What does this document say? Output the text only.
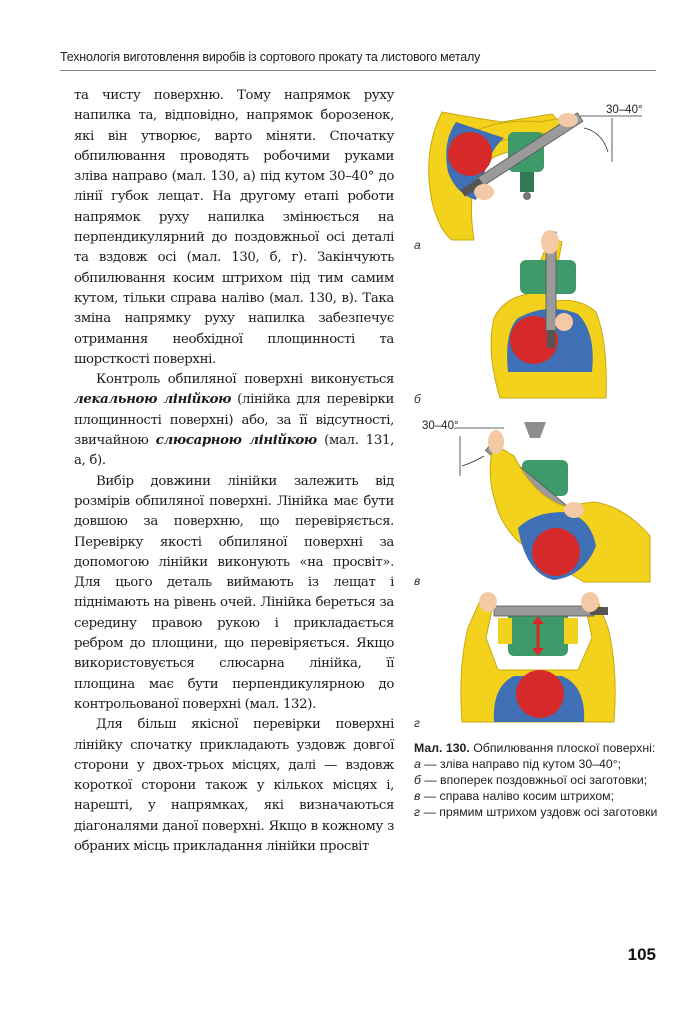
Технологія виготовлення виробів із сортового прокату та листового металу

та чисту поверхню. Тому напрямок руху напилка та, відповідно, напрямок борозенок, які він утворює, варто міняти. Спочатку обпилювання проводять робочими руками зліва направо (мал. 130, а) під кутом 30–40° до лінії губок лещат. На другому етапі роботи напрямок руху напилка змінюється на перпендикулярний до поздовжньої осі деталі та вздовж осі (мал. 130, б, г). Закінчують обпилювання косим штрихом під тим самим кутом, тільки справа наліво (мал. 130, в). Така зміна напрямку руху напилка забезпечує отримання необхідної площинності та шорсткості поверхні.

Контроль обпиляної поверхні виконується лекальною лінійкою (лінійка для перевірки площинності поверхні) або, за її відсутності, звичайною слюсарною лінійкою (мал. 131, а, б).

Вибір довжини лінійки залежить від розмірів обпиляної поверхні. Лінійка має бути довшою за поверхню, що перевіряється. Перевірку якості обпиляної поверхні за допомогою лінійки виконують «на просвіт». Для цього деталь виймають із лещат і піднімають на рівень очей. Лінійка береться за середину правою рукою і прикладається ребром до площини, що перевіряється. Якщо використовується слюсарна лінійка, її площина має бути перпендикулярною до контрольованої поверхні (мал. 132).

Для більш якісної перевірки поверхні лінійку спочатку прикладають уздовж довгої сторони у двох-трьох місцях, далі — вздовж короткої сторони також у кількох місцях і, нарешті, у напрямках, які визначаються діагоналями даної поверхні. Якщо в кожному з обраних місць прикладання лінійки просвіт

30–40°
а
б
30–40°
в
г
Мал. 130. Обпилювання плоскої поверхні:
а — зліва направо під кутом 30–40°;
б — впоперек поздовжньої осі заготовки;
в — справа наліво косим штрихом;
г — прямим штрихом уздовж осі заготовки
105
